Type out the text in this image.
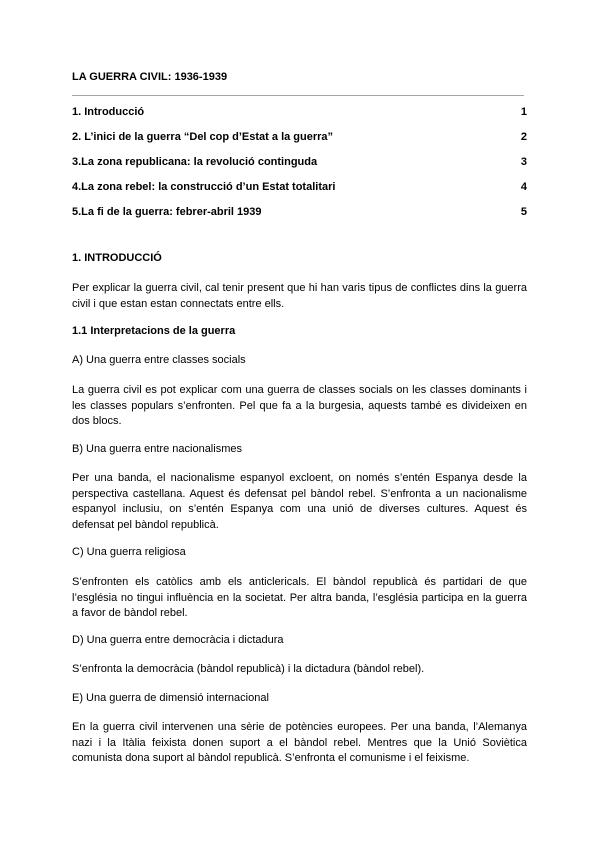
LA GUERRA CIVIL: 1936-1939
1. Introducció	1
2. L’inici de la guerra “Del cop d’Estat a la guerra”	2
3.La zona republicana: la revolució continguda	3
4.La zona rebel: la construcció d’un Estat totalitari	4
5.La fi de la guerra: febrer-abril 1939	5
1. INTRODUCCIÓ
Per explicar la guerra civil, cal tenir present que hi han varis tipus de conflictes dins la guerra civil i que estan estan connectats entre ells.
1.1 Interpretacions de la guerra
A) Una guerra entre classes socials
La guerra civil es pot explicar com una guerra de classes socials on les classes dominants i les classes populars s’enfronten. Pel que fa a la burgesia, aquests també es divideixen en dos blocs.
B) Una guerra entre nacionalismes
Per una banda, el nacionalisme espanyol excloent, on només s’entén Espanya desde la perspectiva castellana. Aquest és defensat pel bàndol rebel. S’enfronta a un nacionalisme espanyol inclusiu, on s’entén Espanya com una unió de diverses cultures. Aquest és defensat pel bàndol republicà.
C) Una guerra religiosa
S’enfronten els catòlics amb els anticlericals. El bàndol republicà és partidari de que l’església no tingui influència en la societat. Per altra banda, l’església participa en la guerra a favor de bàndol rebel.
D) Una guerra entre democràcia i dictadura
S’enfronta la democràcia (bàndol republicà) i la dictadura (bàndol rebel).
E) Una guerra de dimensió internacional
En la guerra civil intervenen una sèrie de potències europees. Per una banda, l’Alemanya nazi i la Itàlia feixista donen suport a el bàndol rebel. Mentres que la Unió Soviètica comunista dona suport al bàndol republicà. S’enfronta el comunisme i el feixisme.
